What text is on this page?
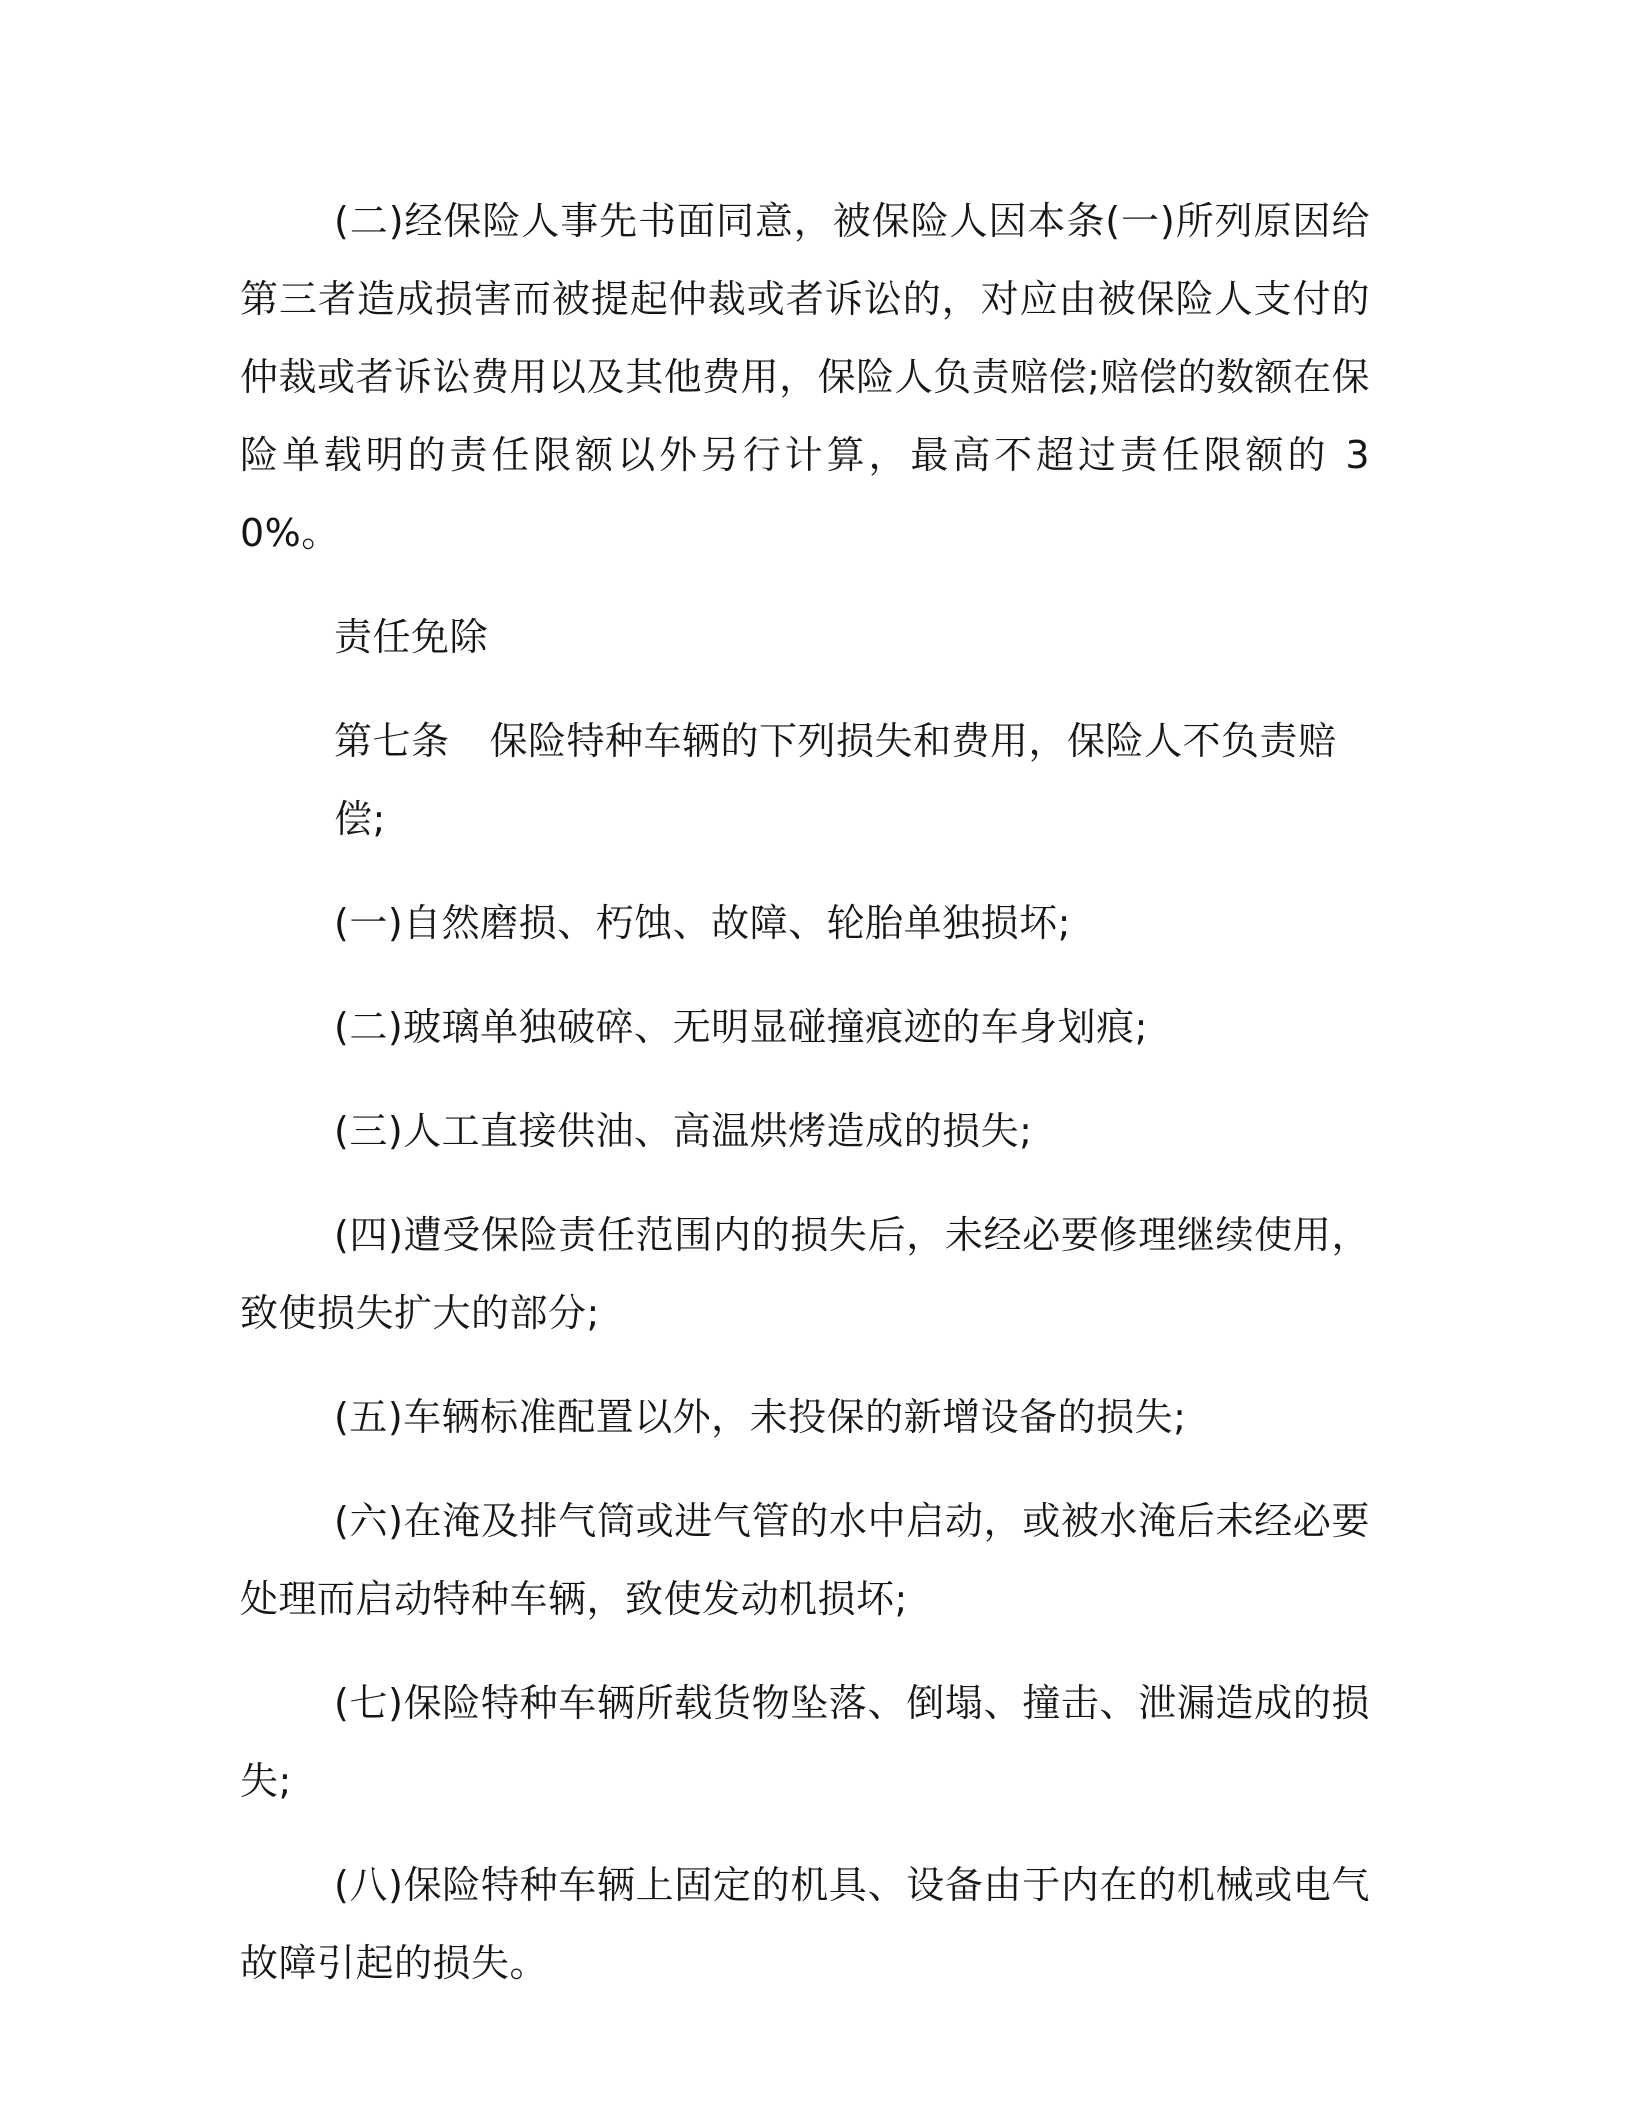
(二)经保险人事先书面同意，被保险人因本条(一)所列原因给第三者造成损害而被提起仲裁或者诉讼的，对应由被保险人支付的仲裁或者诉讼费用以及其他费用，保险人负责赔偿;赔偿的数额在保险单载明的责任限额以外另行计算，最高不超过责任限额的 30%。

责任免除

第七条 保险特种车辆的下列损失和费用，保险人不负责赔偿;

(一)自然磨损、朽蚀、故障、轮胎单独损坏;

(二)玻璃单独破碎、无明显碰撞痕迹的车身划痕;

(三)人工直接供油、高温烘烤造成的损失;

(四)遭受保险责任范围内的损失后，未经必要修理继续使用，致使损失扩大的部分;

(五)车辆标准配置以外，未投保的新增设备的损失;

(六)在淹及排气筒或进气管的水中启动，或被水淹后未经必要处理而启动特种车辆，致使发动机损坏;

(七)保险特种车辆所载货物坠落、倒塌、撞击、泄漏造成的损失;

(八)保险特种车辆上固定的机具、设备由于内在的机械或电气故障引起的损失。
